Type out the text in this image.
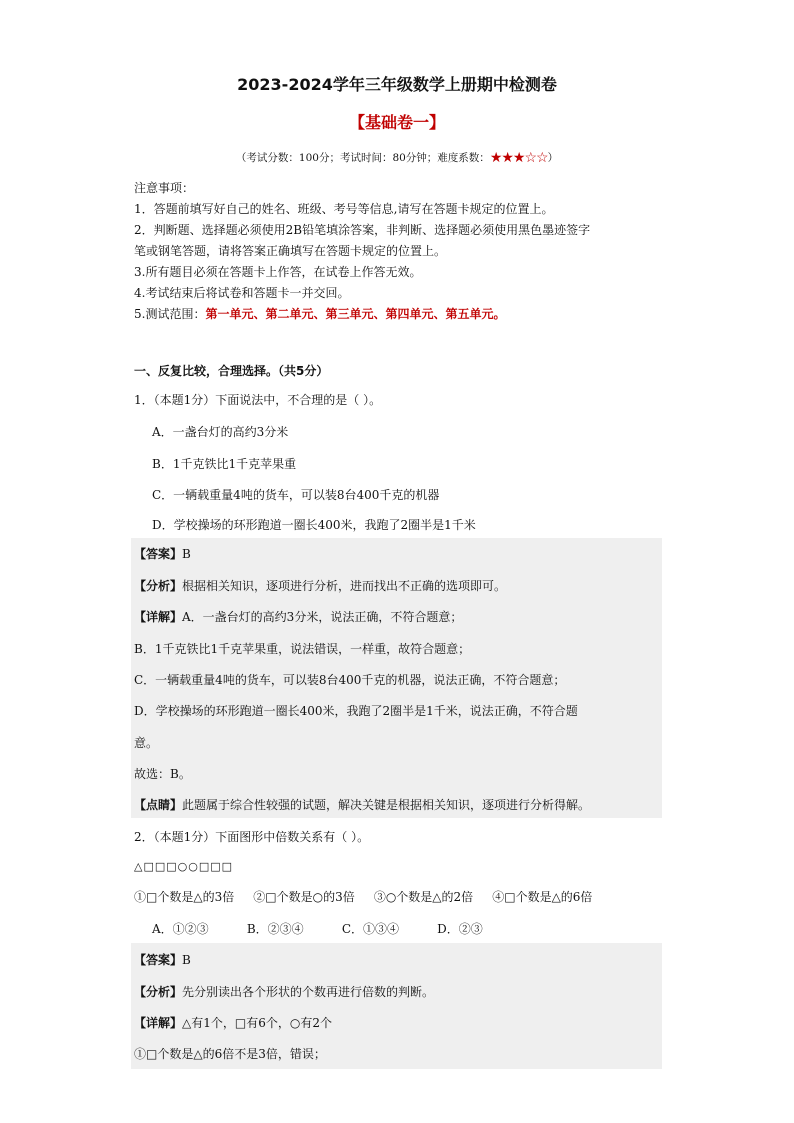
2023-2024学年三年级数学上册期中检测卷
【基础卷一】
（考试分数：100分；考试时间：80分钟；难度系数：★★★☆☆）
注意事项：
1．答题前填写好自己的姓名、班级、考号等信息,请写在答题卡规定的位置上。
2．判断题、选择题必须使用2B铅笔填涂答案，非判断、选择题必须使用黑色墨迹签字
笔或钢笔答题，请将答案正确填写在答题卡规定的位置上。
3.所有题目必须在答题卡上作答，在试卷上作答无效。
4.考试结束后将试卷和答题卡一并交回。
5.测试范围：第一单元、第二单元、第三单元、第四单元、第五单元。
一、反复比较，合理选择。（共5分）
1．（本题1分）下面说法中，不合理的是（ ）。
A．一盏台灯的高约3分米
B．1千克铁比1千克苹果重
C．一辆载重量4吨的货车，可以装8台400千克的机器
D．学校操场的环形跑道一圈长400米，我跑了2圈半是1千米
【答案】B
【分析】根据相关知识，逐项进行分析，进而找出不正确的选项即可。
【详解】A．一盏台灯的高约3分米，说法正确，不符合题意；
B．1千克铁比1千克苹果重，说法错误，一样重，故符合题意；
C．一辆载重量4吨的货车，可以装8台400千克的机器，说法正确，不符合题意；
D．学校操场的环形跑道一圈长400米，我跑了2圈半是1千米，说法正确，不符合题
意。
故选：B。
【点睛】此题属于综合性较强的试题，解决关键是根据相关知识，逐项进行分析得解。
2．（本题1分）下面图形中倍数关系有（ ）。
△□□□○○□□□
①□个数是△的3倍 ②□个数是○的3倍 ③○个数是△的2倍 ④□个数是△的6倍
A．①②③	B．②③④	C．①③④	D．②③
【答案】B
【分析】先分别读出各个形状的个数再进行倍数的判断。
【详解】△有1个，□有6个，○有2个
①□个数是△的6倍不是3倍，错误；
